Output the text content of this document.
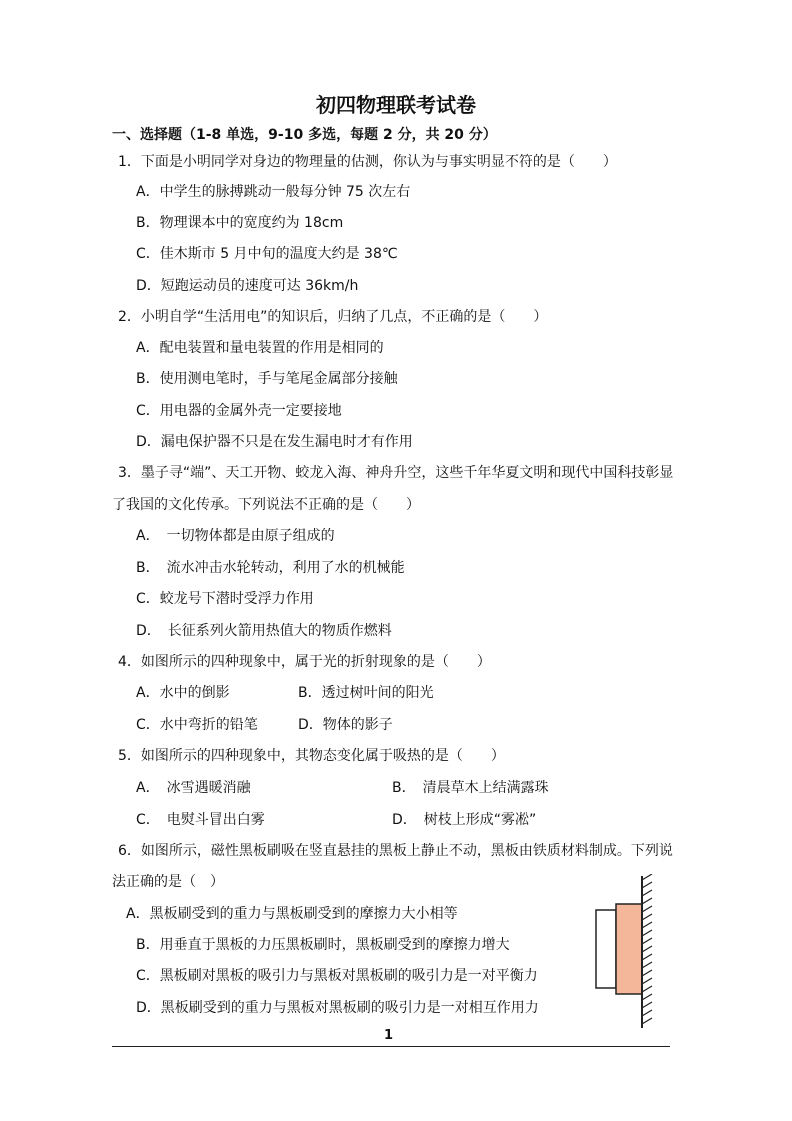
初四物理联考试卷
一、选择题（1-8 单选，9-10 多选，每题 2 分，共 20 分）
1．下面是小明同学对身边的物理量的估测，你认为与事实明显不符的是（　　）
A．中学生的脉搏跳动一般每分钟 75 次左右
B．物理课本中的宽度约为 18cm
C．佳木斯市 5 月中旬的温度大约是 38℃
D．短跑运动员的速度可达 36km/h
2．小明自学“生活用电”的知识后，归纳了几点，不正确的是（　　）
A．配电装置和量电装置的作用是相同的
B．使用测电笔时，手与笔尾金属部分接触
C．用电器的金属外壳一定要接地
D．漏电保护器不只是在发生漏电时才有作用
3．墨子寻“端”、天工开物、蛟龙入海、神舟升空，这些千年华夏文明和现代中国科技彰显
了我国的文化传承。下列说法不正确的是（　　）
A．　一切物体都是由原子组成的
B．　流水冲击水轮转动，利用了水的机械能
C．蛟龙号下潜时受浮力作用
D．　长征系列火箭用热值大的物质作燃料
4．如图所示的四种现象中，属于光的折射现象的是（　　）
A．水中的倒影	B．透过树叶间的阳光
C．水中弯折的铅笔	D．物体的影子
5．如图所示的四种现象中，其物态变化属于吸热的是（　　）
A．　冰雪遇暖消融	B．　清晨草木上结满露珠
C．　电熨斗冒出白雾	D．　树枝上形成“雾凇”
6．如图所示，磁性黑板刷吸在竖直悬挂的黑板上静止不动，黑板由铁质材料制成。下列说
法正确的是（　）
A．黑板刷受到的重力与黑板刷受到的摩擦力大小相等
B．用垂直于黑板的力压黑板刷时，黑板刷受到的摩擦力增大
C．黑板刷对黑板的吸引力与黑板对黑板刷的吸引力是一对平衡力
D．黑板刷受到的重力与黑板对黑板刷的吸引力是一对相互作用力
1
